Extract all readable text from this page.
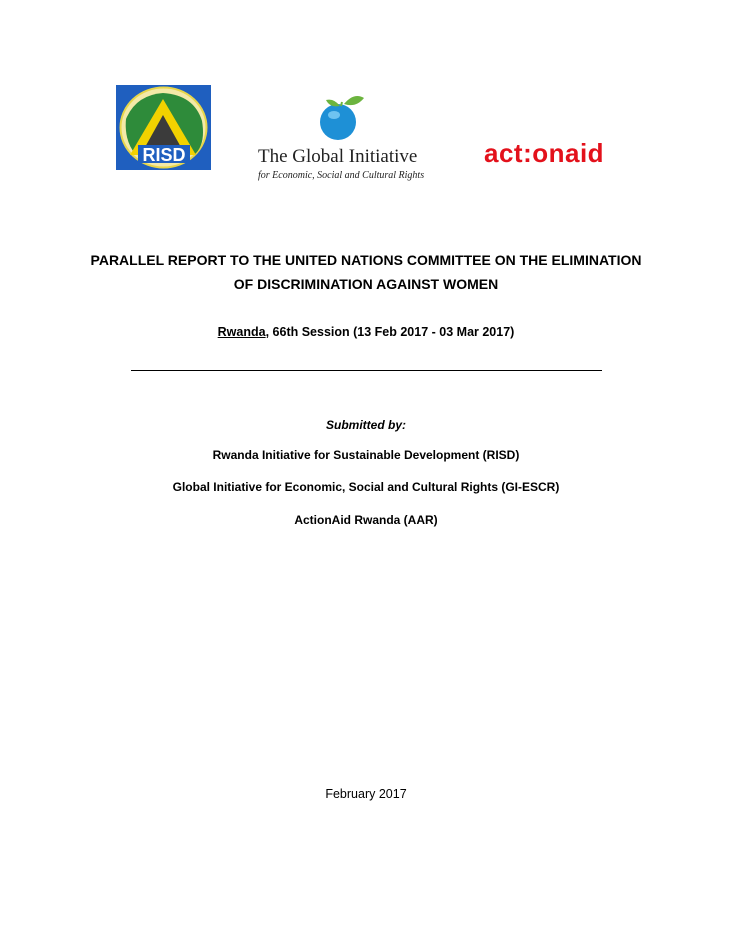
RISD	The Global Initiative
for Economic, Social and Cultural Rights
act:onaid
PARALLEL REPORT TO THE UNITED NATIONS COMMITTEE ON THE ELIMINATION
OF DISCRIMINATION AGAINST WOMEN
Rwanda, 66th Session (13 Feb 2017 - 03 Mar 2017)
Submitted by:
Rwanda Initiative for Sustainable Development (RISD)
Global Initiative for Economic, Social and Cultural Rights (GI-ESCR)
ActionAid Rwanda (AAR)
February 2017
